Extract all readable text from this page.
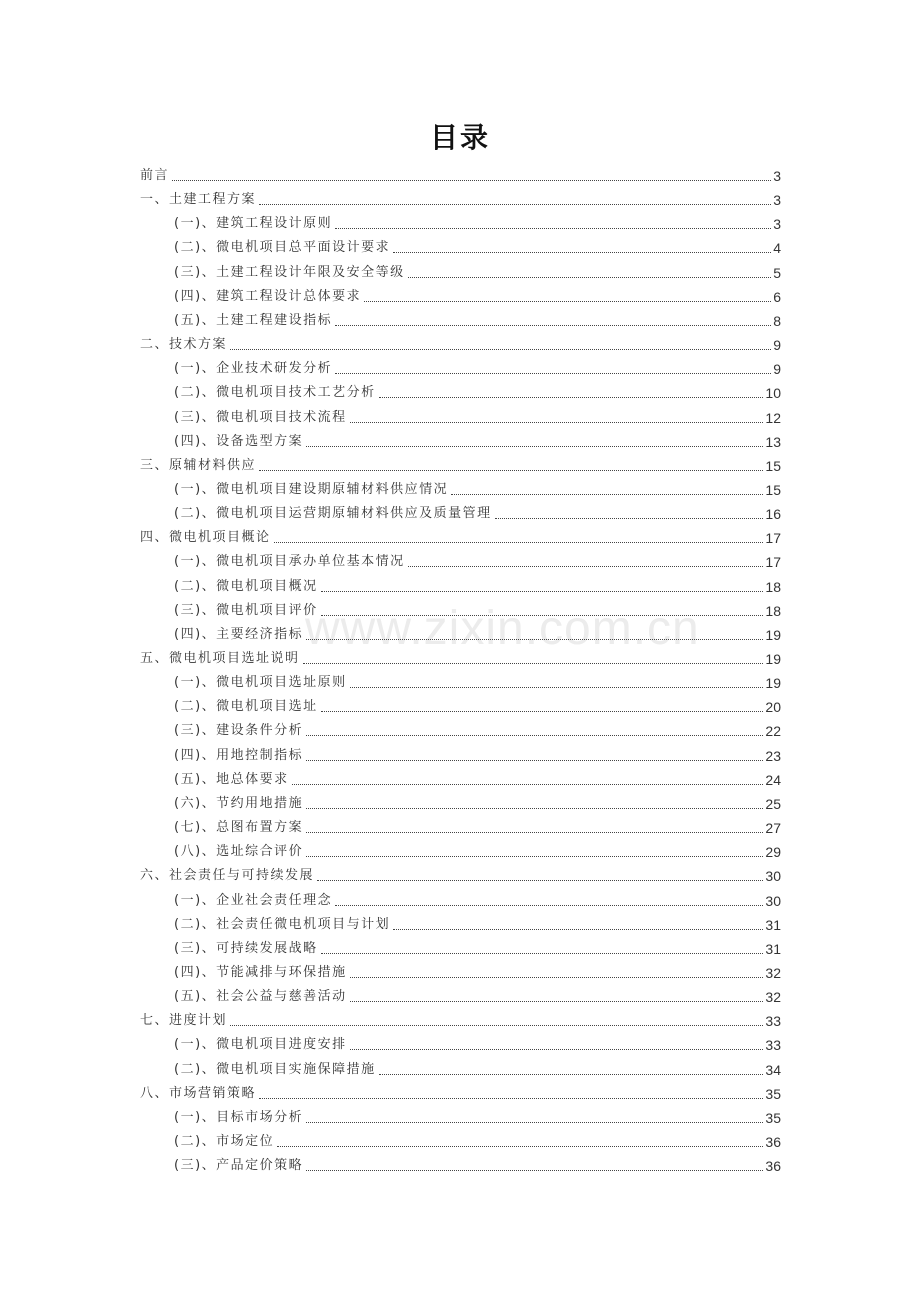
目录
www.zixin.com.cn
前言	3
一、土建工程方案	3
(一)、建筑工程设计原则	3
(二)、微电机项目总平面设计要求	4
(三)、土建工程设计年限及安全等级	5
(四)、建筑工程设计总体要求	6
(五)、土建工程建设指标	8
二、技术方案	9
(一)、企业技术研发分析	9
(二)、微电机项目技术工艺分析	10
(三)、微电机项目技术流程	12
(四)、设备选型方案	13
三、原辅材料供应	15
(一)、微电机项目建设期原辅材料供应情况	15
(二)、微电机项目运营期原辅材料供应及质量管理	16
四、微电机项目概论	17
(一)、微电机项目承办单位基本情况	17
(二)、微电机项目概况	18
(三)、微电机项目评价	18
(四)、主要经济指标	19
五、微电机项目选址说明	19
(一)、微电机项目选址原则	19
(二)、微电机项目选址	20
(三)、建设条件分析	22
(四)、用地控制指标	23
(五)、地总体要求	24
(六)、节约用地措施	25
(七)、总图布置方案	27
(八)、选址综合评价	29
六、社会责任与可持续发展	30
(一)、企业社会责任理念	30
(二)、社会责任微电机项目与计划	31
(三)、可持续发展战略	31
(四)、节能减排与环保措施	32
(五)、社会公益与慈善活动	32
七、进度计划	33
(一)、微电机项目进度安排	33
(二)、微电机项目实施保障措施	34
八、市场营销策略	35
(一)、目标市场分析	35
(二)、市场定位	36
(三)、产品定价策略	36
